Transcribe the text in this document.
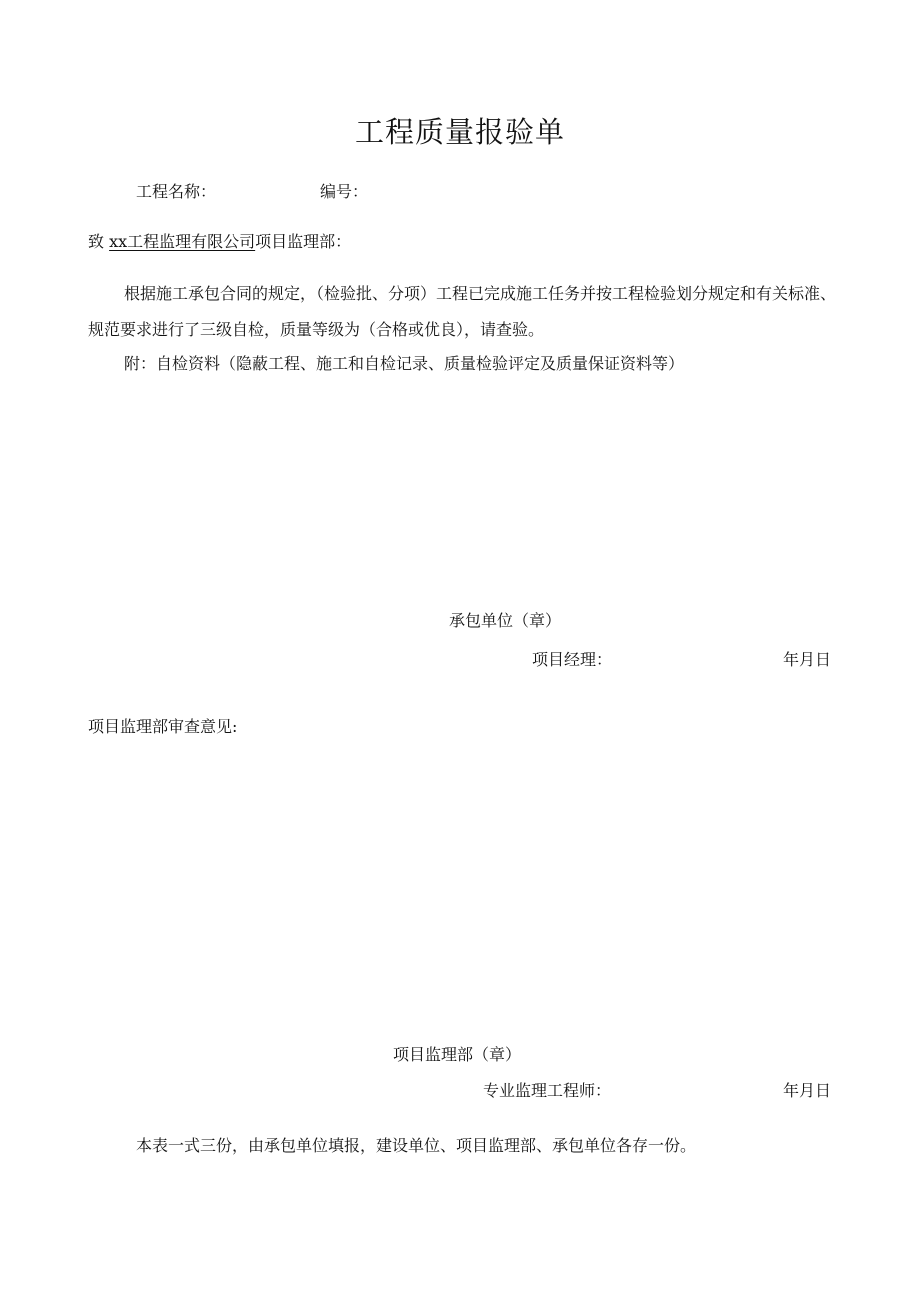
工程质量报验单
工程名称：	编号：
致 xx工程监理有限公司项目监理部：
根据施工承包合同的规定，（检验批、分项）工程已完成施工任务并按工程检验划分规定和有关标准、规范要求进行了三级自检，质量等级为（合格或优良），请查验。
附：自检资料（隐蔽工程、施工和自检记录、质量检验评定及质量保证资料等）
承包单位（章）
项目经理：	年月日
项目监理部审查意见:
项目监理部（章）
专业监理工程师：	年月日
本表一式三份，由承包单位填报，建设单位、项目监理部、承包单位各存一份。
